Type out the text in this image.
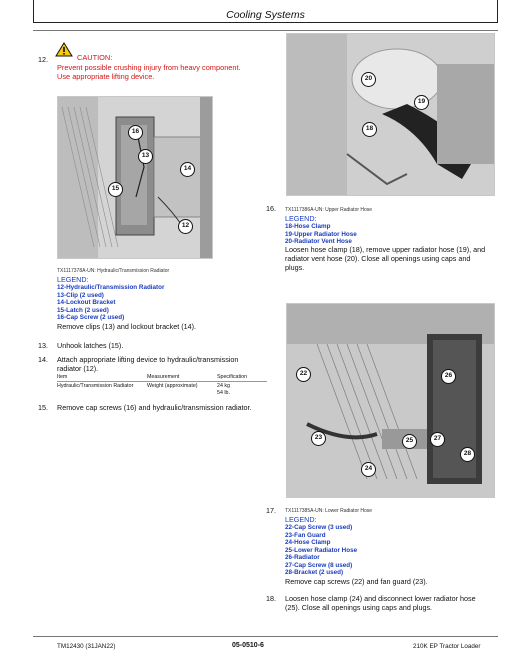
Cooling Systems
12.	CAUTION:
Prevent possible crushing injury from heavy component.
Use appropriate lifting device.
16
13
14
15
12
TX1117378A-UN: Hydraulic/Transmission Radiator
LEGEND:
12-Hydraulic/Transmission Radiator
13-Clip (2 used)
14-Lockout Bracket
15-Latch (2 used)
16-Cap Screw (2 used)
Remove clips (13) and lockout bracket (14).
13. Unhook latches (15).
14. Attach appropriate lifting device to hydraulic/transmission
radiator (12).
Item	Measurement	Specification

Hydraulic/Transmission Radiator	Weight (approximate)	24 kg
54 lb.
15. Remove cap screws (16) and hydraulic/transmission radiator.
20
19
18
16. TX1117386A-UN: Upper Radiator Hose
LEGEND:
18-Hose Clamp
19-Upper Radiator Hose
20-Radiator Vent Hose
Loosen hose clamp (18), remove upper radiator hose (19), and
radiator vent hose (20). Close all openings using caps and
plugs.
22	26
23	25	27
24
28
17. TX1117385A-UN: Lower Radiator Hose
LEGEND:
22-Cap Screw (3 used)
23-Fan Guard
24-Hose Clamp
25-Lower Radiator Hose
26-Radiator
27-Cap Screw (8 used)
28-Bracket (2 used)
Remove cap screws (22) and fan guard (23).
18. Loosen hose clamp (24) and disconnect lower radiator hose
(25). Close all openings using caps and plugs.
TM12430 (31JAN22)	05-0510-6	210K EP Tractor Loader
